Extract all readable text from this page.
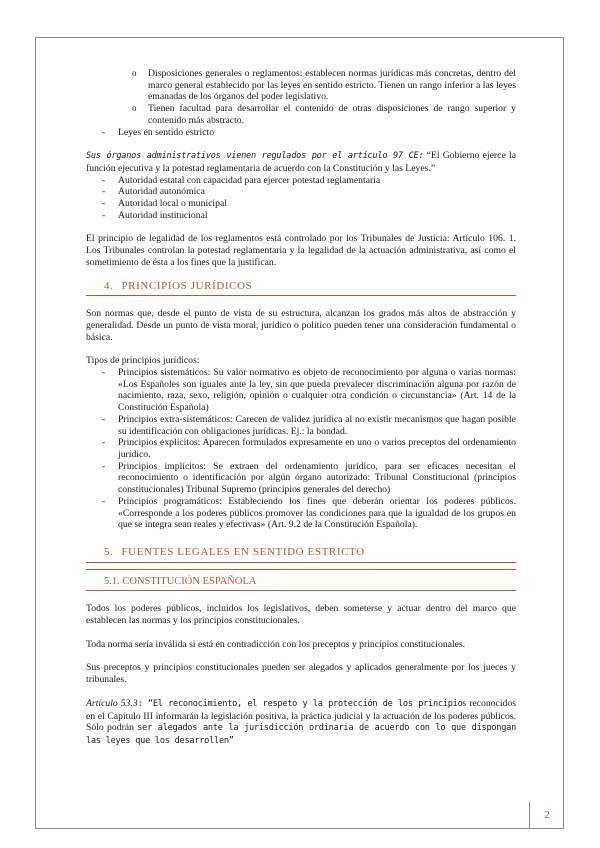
2
o Disposiciones generales o reglamentos: establecen normas jurídicas más concretas, dentro del marco general establecido por las leyes en sentido estricto. Tienen un rango inferior a las leyes emanadas de los órganos del poder legislativo.
o Tienen facultad para desarrollar el contenido de otras disposiciones de rango superior y contenido más abstracto.
- Leyes en sentido estricto

Sus órganos administrativos vienen regulados por el artículo 97 CE: “El Gobierno ejerce la función ejecutiva y la potestad reglamentaria de acuerdo con la Constitución y las Leyes.”

- Autoridad estatal con capacidad para ejercer potestad reglamentaria
- Autoridad autonómica
- Autoridad local o municipal
- Autoridad institucional

El principio de legalidad de los reglamentos está controlado por los Tribunales de Justicia: Artículo 106. 1. Los Tribunales controlan la potestad reglamentaria y la legalidad de la actuación administrativa, así como el sometimiento de ésta a los fines que la justifican.

4. PRINCIPIOS JURÍDICOS

Son normas que, desde el punto de vista de su estructura, alcanzan los grados más altos de abstracción y generalidad. Desde un punto de vista moral, jurídico o político pueden tener una consideración fundamental o básica.

Tipos de principios jurídicos:

- Principios sistemáticos: Su valor normativo es objeto de reconocimiento por alguna o varias normas: «Los Españoles son iguales ante la ley, sin que pueda prevalecer discriminación alguna por razón de nacimiento, raza, sexo, religión, opinión o cualquier otra condición o circunstancia» (Art. 14 de la Constitución Española)
- Principios extra-sistemáticos: Carecen de validez jurídica al no existir mecanismos que hagan posible su identificación con obligaciones jurídicas. Ej.: la bondad.
- Principios explícitos: Aparecen formulados expresamente en uno o varios preceptos del ordenamiento jurídico.
- Principios implícitos: Se extraen del ordenamiento jurídico, para ser eficaces necesitan el reconocimiento o identificación por algún órgano autorizado: Tribunal Constitucional (principios constitucionales) Tribunal Supremo (principios generales del derecho)
- Principios programáticos: Estableciendo los fines que deberán orientar los poderes públicos. «Corresponde a los poderes públicos promover las condiciones para que la igualdad de los grupos en que se integra sean reales y efectivas» (Art. 9.2 de la Constitución Española).
5. FUENTES LEGALES EN SENTIDO ESTRICTO
5.1. CONSTITUCIÓN ESPAÑOLA

Todos los poderes públicos, incluidos los legislativos, deben someterse y actuar dentro del marco que establecen las normas y los principios constitucionales.

Toda norma sería inválida si está en contradicción con los preceptos y principios constitucionales.

Sus preceptos y principios constitucionales pueden ser alegados y aplicados generalmente por los jueces y tribunales.

Artículo 53.3: “El reconocimiento, el respeto y la protección de los principios reconocidos en el Capítulo III informarán la legislación positiva, la práctica judicial y la actuación de los poderes públicos. Sólo podrán ser alegados ante la jurisdicción ordinaria de acuerdo con lo que dispongan las leyes que los desarrollen”
